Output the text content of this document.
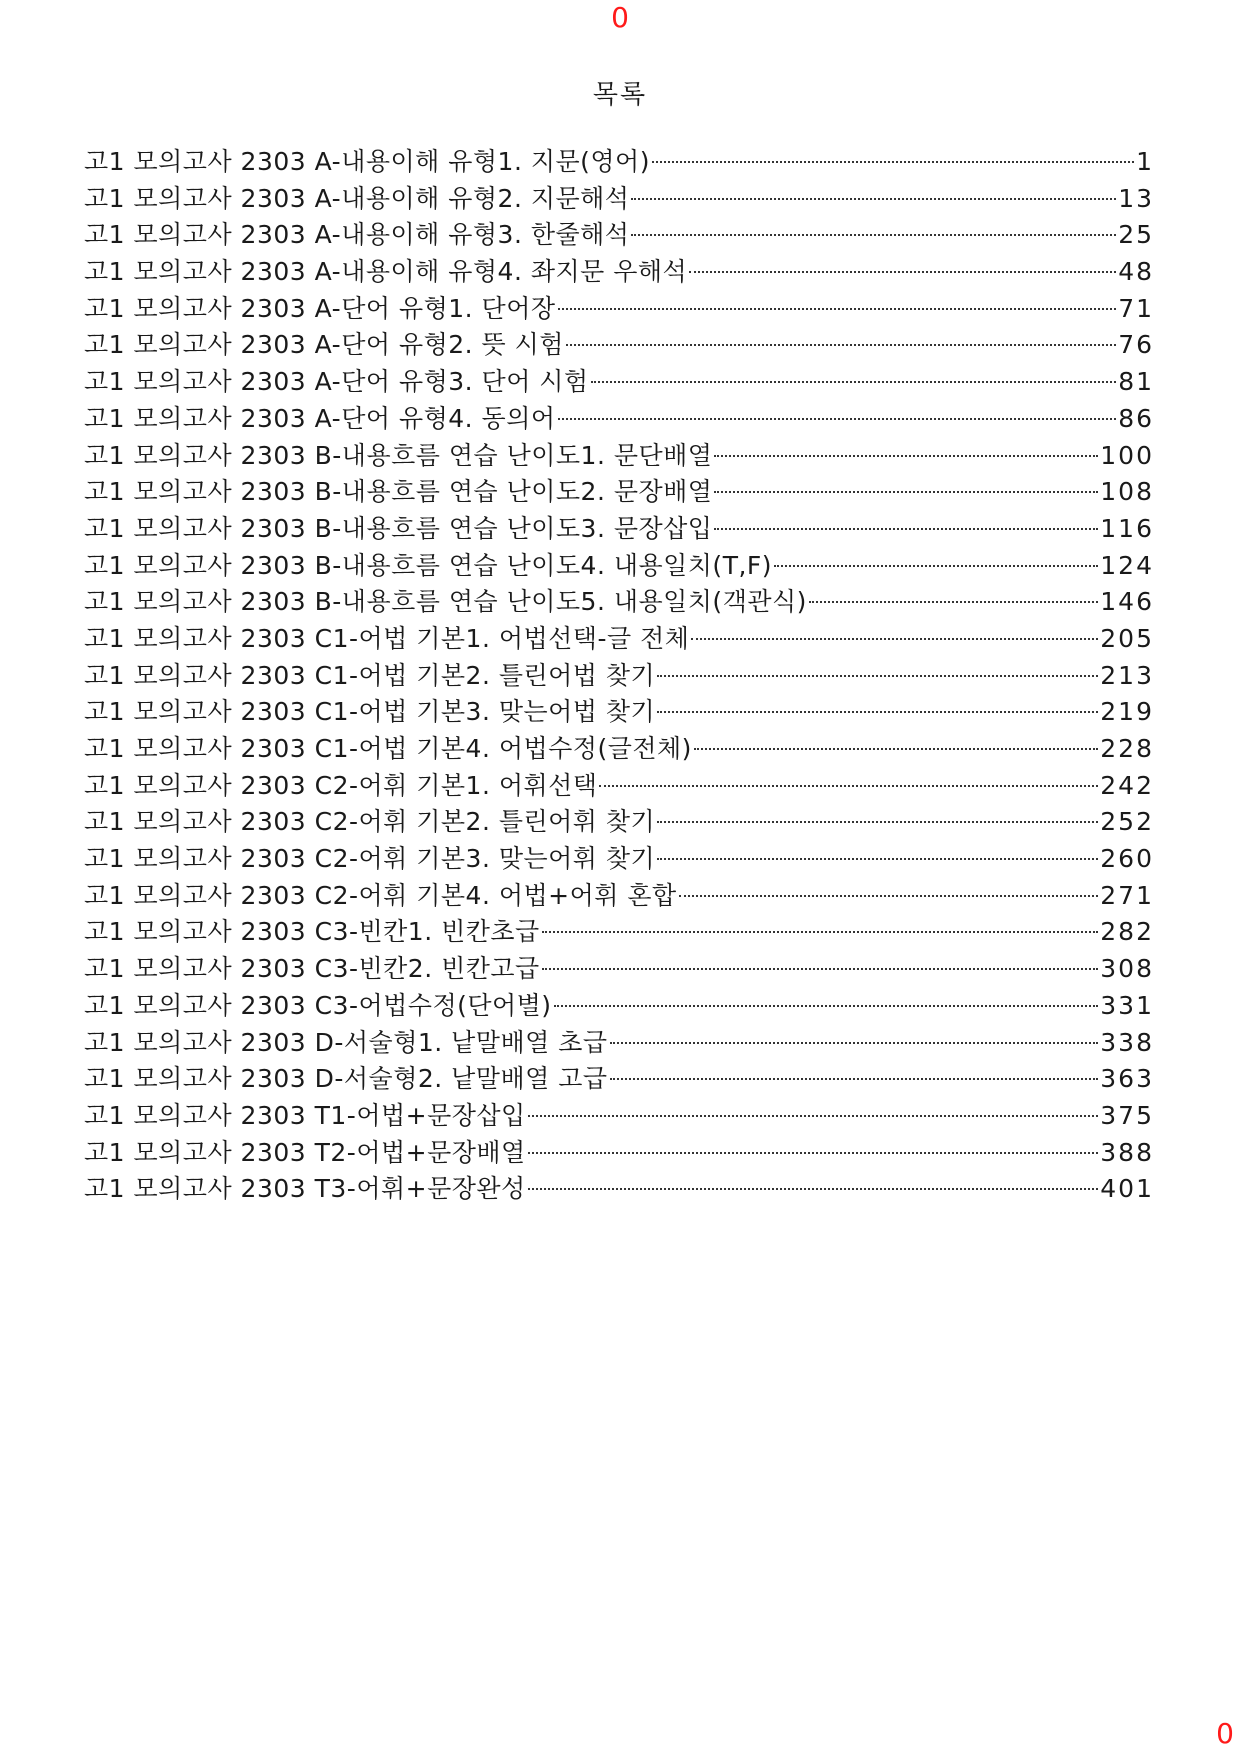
0
목록
고1 모의고사 2303 A-내용이해 유형1. 지문(영어)	1
고1 모의고사 2303 A-내용이해 유형2. 지문해석	13
고1 모의고사 2303 A-내용이해 유형3. 한줄해석	25
고1 모의고사 2303 A-내용이해 유형4. 좌지문 우해석	48
고1 모의고사 2303 A-단어 유형1. 단어장	71
고1 모의고사 2303 A-단어 유형2. 뜻 시험	76
고1 모의고사 2303 A-단어 유형3. 단어 시험	81
고1 모의고사 2303 A-단어 유형4. 동의어	86
고1 모의고사 2303 B-내용흐름 연습 난이도1. 문단배열	100
고1 모의고사 2303 B-내용흐름 연습 난이도2. 문장배열	108
고1 모의고사 2303 B-내용흐름 연습 난이도3. 문장삽입	116
고1 모의고사 2303 B-내용흐름 연습 난이도4. 내용일치(T,F)	124
고1 모의고사 2303 B-내용흐름 연습 난이도5. 내용일치(객관식)	146
고1 모의고사 2303 C1-어법 기본1. 어법선택-글 전체	205
고1 모의고사 2303 C1-어법 기본2. 틀린어법 찾기	213
고1 모의고사 2303 C1-어법 기본3. 맞는어법 찾기	219
고1 모의고사 2303 C1-어법 기본4. 어법수정(글전체)	228
고1 모의고사 2303 C2-어휘 기본1. 어휘선택	242
고1 모의고사 2303 C2-어휘 기본2. 틀린어휘 찾기	252
고1 모의고사 2303 C2-어휘 기본3. 맞는어휘 찾기	260
고1 모의고사 2303 C2-어휘 기본4. 어법+어휘 혼합	271
고1 모의고사 2303 C3-빈칸1. 빈칸초급	282
고1 모의고사 2303 C3-빈칸2. 빈칸고급	308
고1 모의고사 2303 C3-어법수정(단어별)	331
고1 모의고사 2303 D-서술형1. 낱말배열 초급	338
고1 모의고사 2303 D-서술형2. 낱말배열 고급	363
고1 모의고사 2303 T1-어법+문장삽입	375
고1 모의고사 2303 T2-어법+문장배열	388
고1 모의고사 2303 T3-어휘+문장완성	401
0
